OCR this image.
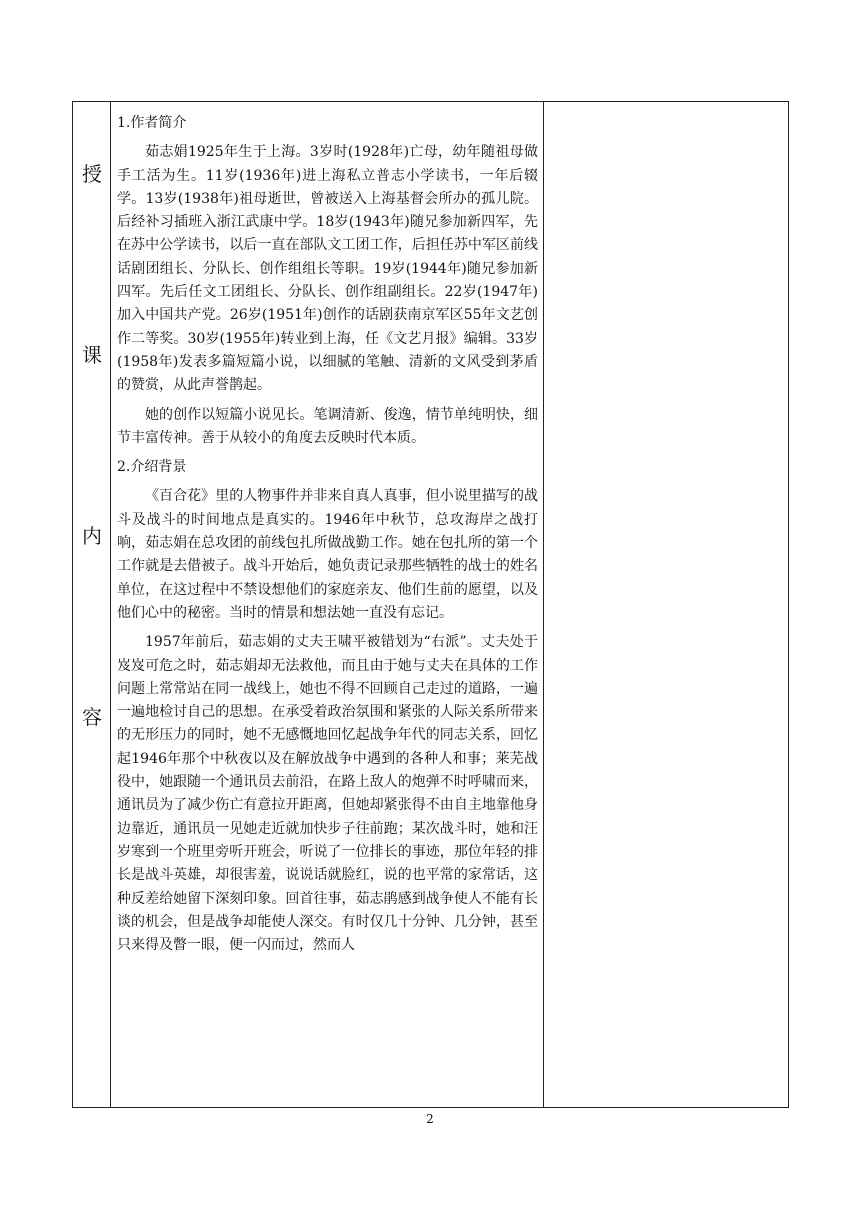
授
课
内
容

1.作者简介

茹志娟1925年生于上海。3岁时(1928年)亡母，幼年随祖母做手工活为生。11岁(1936年)进上海私立普志小学读书，一年后辍学。13岁(1938年)祖母逝世，曾被送入上海基督会所办的孤儿院。后经补习插班入浙江武康中学。18岁(1943年)随兄参加新四军，先在苏中公学读书，以后一直在部队文工团工作，后担任苏中军区前线话剧团组长、分队长、创作组组长等职。19岁(1944年)随兄参加新四军。先后任文工团组长、分队长、创作组副组长。22岁(1947年)加入中国共产党。26岁(1951年)创作的话剧获南京军区55年文艺创作二等奖。30岁(1955年)转业到上海，任《文艺月报》编辑。33岁(1958年)发表多篇短篇小说，以细腻的笔触、清新的文风受到茅盾的赞赏，从此声誉鹊起。

她的创作以短篇小说见长。笔调清新、俊逸，情节单纯明快，细节丰富传神。善于从较小的角度去反映时代本质。

2.介绍背景

《百合花》里的人物事件并非来自真人真事，但小说里描写的战斗及战斗的时间地点是真实的。1946年中秋节，总攻海岸之战打响，茹志娟在总攻团的前线包扎所做战勤工作。她在包扎所的第一个工作就是去借被子。战斗开始后，她负责记录那些牺牲的战士的姓名单位，在这过程中不禁设想他们的家庭亲友、他们生前的愿望，以及他们心中的秘密。当时的情景和想法她一直没有忘记。

1957年前后，茹志娟的丈夫王啸平被错划为“右派”。丈夫处于岌岌可危之时，茹志娟却无法救他，而且由于她与丈夫在具体的工作问题上常常站在同一战线上，她也不得不回顾自己走过的道路，一遍一遍地检讨自己的思想。在承受着政治氛围和紧张的人际关系所带来的无形压力的同时，她不无感慨地回忆起战争年代的同志关系，回忆起1946年那个中秋夜以及在解放战争中遇到的各种人和事；莱芜战役中，她跟随一个通讯员去前沿，在路上敌人的炮弹不时呼啸而来，通讯员为了减少伤亡有意拉开距离，但她却紧张得不由自主地靠他身边靠近，通讯员一见她走近就加快步子往前跑；某次战斗时，她和汪岁寒到一个班里旁听开班会，听说了一位排长的事迹，那位年轻的排长是战斗英雄，却很害羞，说说话就脸红，说的也平常的家常话，这种反差给她留下深刻印象。回首往事，茹志鹃感到战争使人不能有长谈的机会，但是战争却能使人深交。有时仅几十分钟、几分钟，甚至只来得及瞥一眼，便一闪而过，然而人

2
